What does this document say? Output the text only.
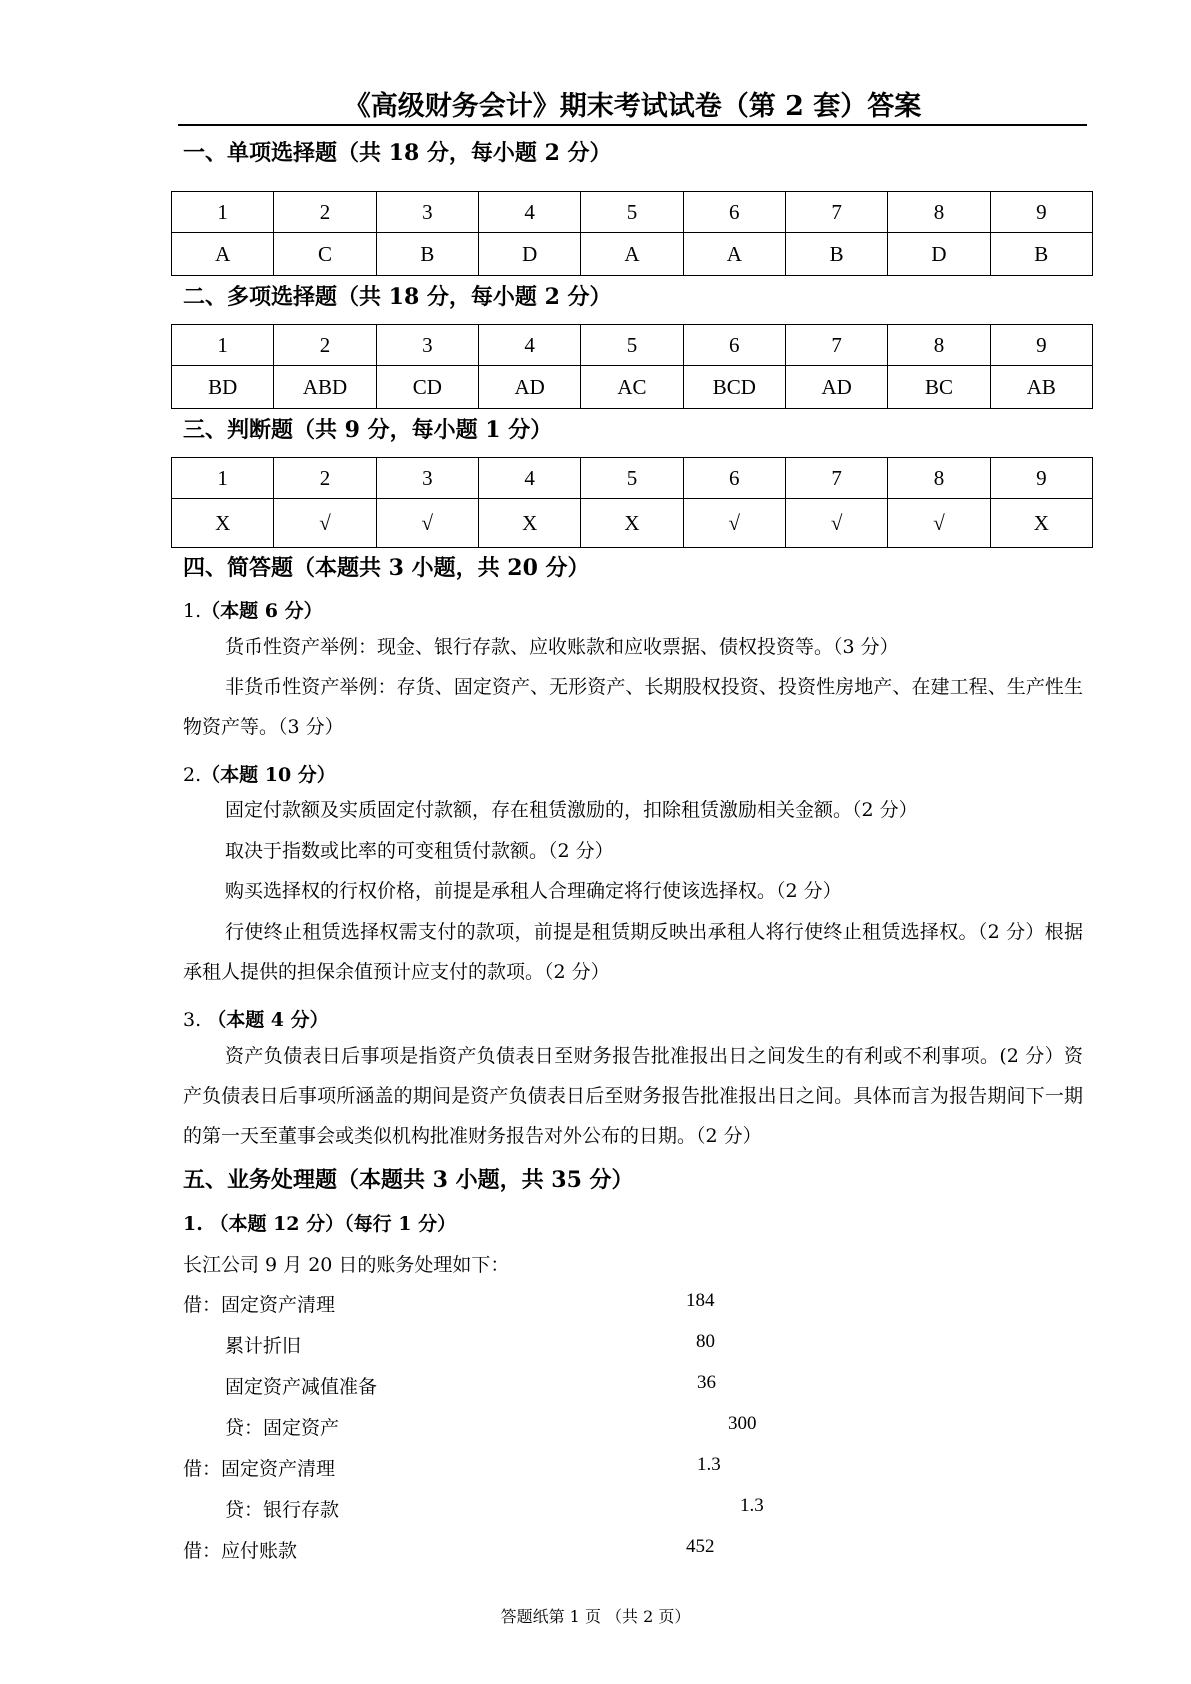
《高级财务会计》期末考试试卷（第 2 套）答案
一、单项选择题（共 18 分，每小题 2 分）
1	2	3	4	5	6	7	8	9
A	C	B	D	A	A	B	D	B
二、多项选择题（共 18 分，每小题 2 分）
1	2	3	4	5	6	7	8	9
BD	ABD	CD	AD	AC	BCD	AD	BC	AB
三、判断题（共 9 分，每小题 1 分）
1	2	3	4	5	6	7	8	9
X	√	√	X	X	√	√	√	X
四、简答题（本题共 3 小题，共 20 分）
1.（本题 6 分）
货币性资产举例：现金、银行存款、应收账款和应收票据、债权投资等。（3 分）
非货币性资产举例：存货、固定资产、无形资产、长期股权投资、投资性房地产、在建工程、生产性生物资产等。（3 分）
2.（本题 10 分）
固定付款额及实质固定付款额，存在租赁激励的，扣除租赁激励相关金额。（2 分）
取决于指数或比率的可变租赁付款额。（2 分）
购买选择权的行权价格，前提是承租人合理确定将行使该选择权。（2 分）
行使终止租赁选择权需支付的款项，前提是租赁期反映出承租人将行使终止租赁选择权。（2 分）根据承租人提供的担保余值预计应支付的款项。（2 分）
3. （本题 4 分）
资产负债表日后事项是指资产负债表日至财务报告批准报出日之间发生的有利或不利事项。(2 分）资产负债表日后事项所涵盖的期间是资产负债表日后至财务报告批准报出日之间。具体而言为报告期间下一期的第一天至董事会或类似机构批准财务报告对外公布的日期。（2 分）
五、业务处理题（本题共 3 小题，共 35 分）
1. （本题 12 分）（每行 1 分）
长江公司 9 月 20 日的账务处理如下：
借：固定资产清理	184
累计折旧	80
固定资产减值准备	36
贷：固定资产	300
借：固定资产清理	1.3
贷：银行存款	1.3
借：应付账款	452
答题纸第 1 页 （共 2 页）
